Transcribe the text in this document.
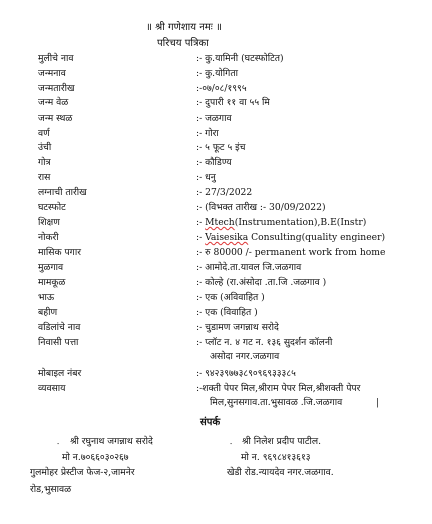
॥ श्री गणेशाय नमः ॥
परिचय पत्रिका
मुलीचे नाव	:- कु.यामिनी (घटस्फोटित)
जन्मनाव	:- कु.योगिता
जन्मतारीख	:-०७/०८/१९९५
जन्म वेळ	:- दुपारी ११ वा ५५ मि
जन्म स्थळ	:- जळगाव
वर्ण	:- गोरा
उंची	:- ५ फूट ५ इंच
गोत्र	:- कौडिण्य
रास	:- धनु
लग्नाची तारीख	:- 27/3/2022
घटस्फोट	:- (विभक्त तारीख :- 30/09/2022)
शिक्षण	:- Mtech(Instrumentation),B.E(Instr)
नोकरी	:- Vaisesika Consulting(quality engineer)
मासिक पगार	:- रु 80000 /- permanent work from home
मुळगाव	:- आमोदे.ता.यावल जि.जळगाव
मामकूळ	:- कोल्हे (रा.अंसोदा .ता.जि .जळगाव )
भाऊ	:- एक (अविवाहित )
बहीण	:- एक (विवाहित )
वडिलांचे नाव	:- चुडामण जगन्नाथ सरोदे
निवासी पत्ता	:- प्लॉट न. ४ गट न. १३६ सुदर्शन कॉलनी
असोदा नगर.जळगाव
मोबाइल नंबर	:- ९४२३९७७३८९०९६९३३३८५
व्यवसाय	:-शक्ती पेपर मिल,श्रीराम पेपर मिल,श्रीशक्ती पेपर
मिल,सुनसगाव.ता.भुसावळ .जि.जळगाव	|
संपर्क
⸳ श्री रघुनाथ जगन्नाथ सरोदे
मो न.७०६६०३०२६७
गुलमोहर प्रेस्टीज फेज-२,जामनेर
रोड,भुसावळ
⸳ श्री निलेश प्रदीप पाटील.
मो न. ९६९८४१३६१३
खेडी रोड.न्यायदेव नगर.जळगाव.
